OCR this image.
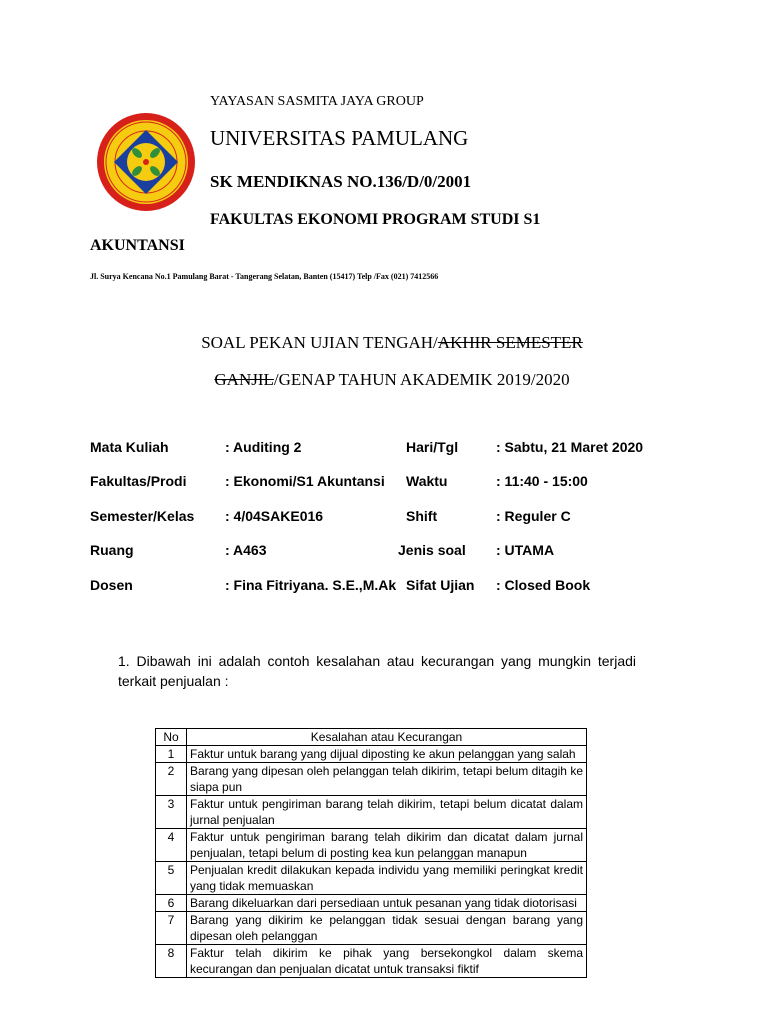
YAYASAN SASMITA JAYA GROUP
UNIVERSITAS PAMULANG
SK MENDIKNAS NO.136/D/0/2001
FAKULTAS EKONOMI PROGRAM STUDI S1
AKUNTANSI
Jl. Surya Kencana No.1 Pamulang Barat - Tangerang Selatan, Banten (15417) Telp /Fax (021) 7412566
SOAL PEKAN UJIAN TENGAH/AKHIR SEMESTER
GANJIL/GENAP TAHUN AKADEMIK 2019/2020
Mata Kuliah	: Auditing 2	Hari/Tgl	: Sabtu, 21 Maret 2020
Fakultas/Prodi	: Ekonomi/S1 Akuntansi Waktu	: 11:40 - 15:00
Semester/Kelas : 4/04SAKE016	Shift	: Reguler C
Ruang	: A463	Jenis soal : UTAMA
Dosen	: Fina Fitriyana. S.E.,M.Ak Sifat Ujian : Closed Book
1. Dibawah ini adalah contoh kesalahan atau kecurangan yang mungkin terjadi terkait penjualan :
No	Kesalahan atau Kecurangan
1	Faktur untuk barang yang dijual diposting ke akun pelanggan yang salah
2	Barang yang dipesan oleh pelanggan telah dikirim, tetapi belum ditagih ke siapa pun
3	Faktur untuk pengiriman barang telah dikirim, tetapi belum dicatat dalam jurnal penjualan
4	Faktur untuk pengiriman barang telah dikirim dan dicatat dalam jurnal penjualan, tetapi belum di posting kea kun pelanggan manapun
5	Penjualan kredit dilakukan kepada individu yang memiliki peringkat kredit yang tidak memuaskan
6	Barang dikeluarkan dari persediaan untuk pesanan yang tidak diotorisasi
7	Barang yang dikirim ke pelanggan tidak sesuai dengan barang yang dipesan oleh pelanggan
8	Faktur telah dikirim ke pihak yang bersekongkol dalam skema kecurangan dan penjualan dicatat untuk transaksi fiktif
